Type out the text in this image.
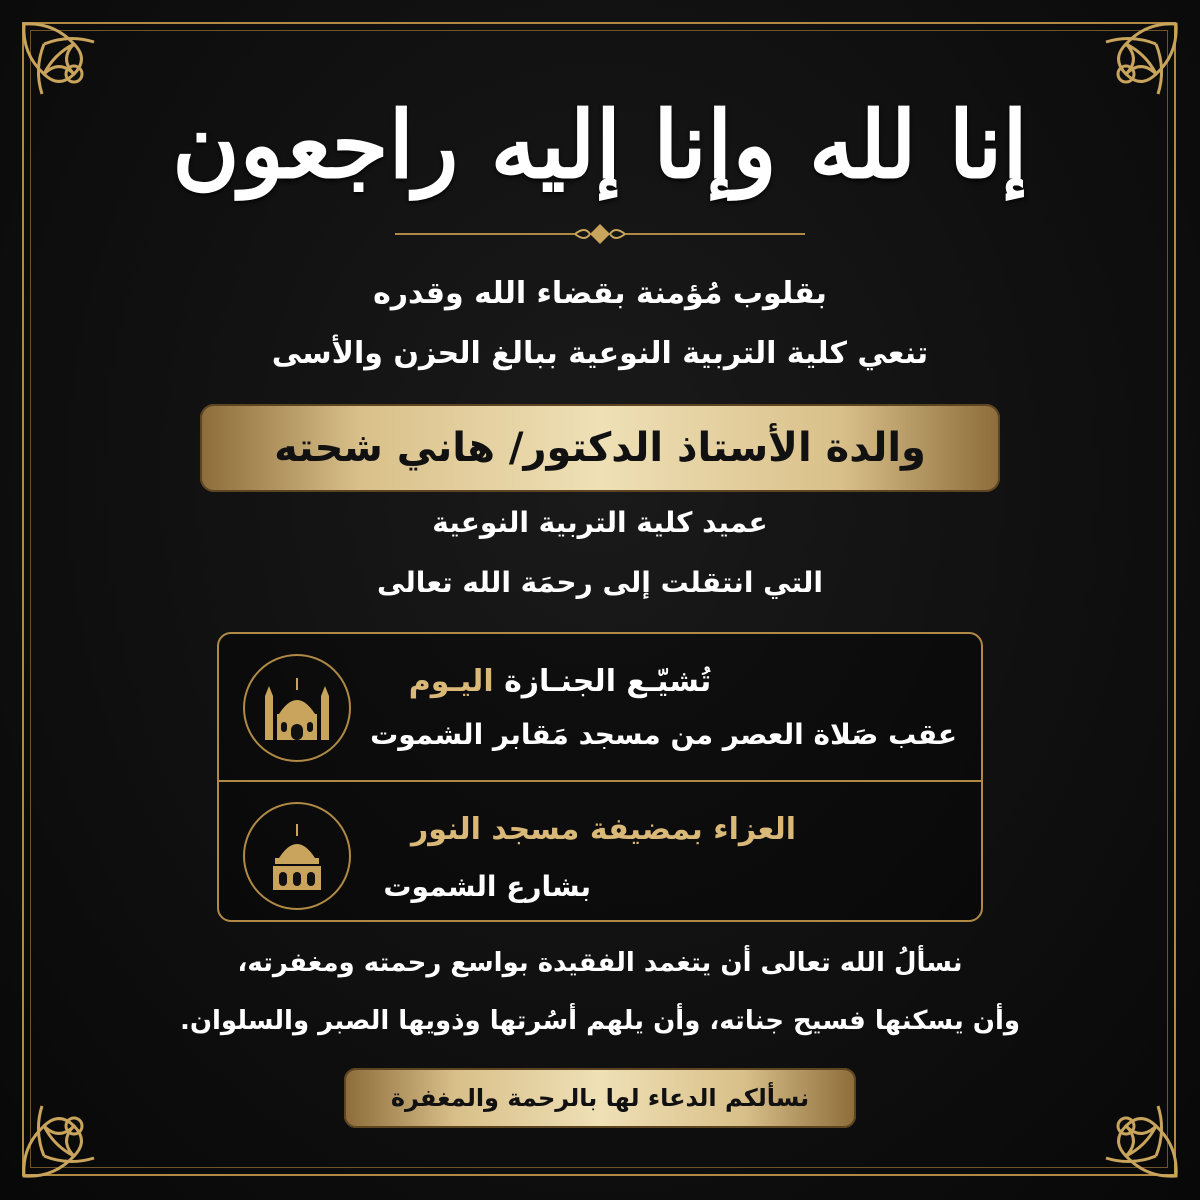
إنا لله وإنا إليه راجعون
بقلوب مُؤمنة بقضاء الله وقدره
تنعي كلية التربية النوعية ببالغ الحزن والأسى
والدة الأستاذ الدكتور/ هاني شحته
عميد كلية التربية النوعية
التي انتقلت إلى رحمَة الله تعالى
تُشيّـع الجنـازة اليـوم
عقب صَلاة العصر من مسجد مَقابر الشموت
العزاء بمضيفة مسجد النور
بشارع الشموت
نسألُ الله تعالى أن يتغمد الفقيدة بواسع رحمته ومغفرته،
وأن يسكنها فسيح جناته، وأن يلهم أسُرتها وذويها الصبر والسلوان.
نسألكم الدعاء لها بالرحمة والمغفرة
